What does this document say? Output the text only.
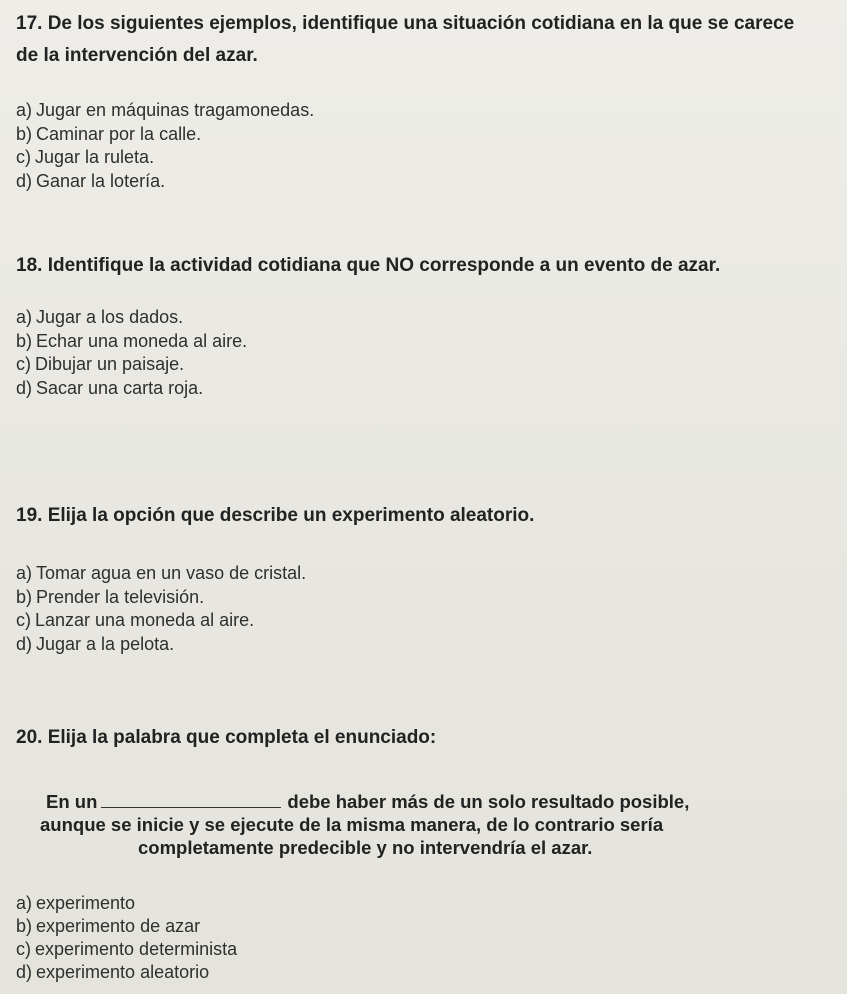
17. De los siguientes ejemplos, identifique una situación cotidiana en la que se carece de la intervención del azar.

a) Jugar en máquinas tragamonedas.
b) Caminar por la calle.
c) Jugar la ruleta.
d) Ganar la lotería.

18. Identifique la actividad cotidiana que NO corresponde a un evento de azar.

a) Jugar a los dados.
b) Echar una moneda al aire.
c) Dibujar un paisaje.
d) Sacar una carta roja.

19. Elija la opción que describe un experimento aleatorio.

a) Tomar agua en un vaso de cristal.
b) Prender la televisión.
c) Lanzar una moneda al aire.
d) Jugar a la pelota.

20. Elija la palabra que completa el enunciado:

En un	debe haber más de un solo resultado posible,
aunque se inicie y se ejecute de la misma manera, de lo contrario sería
completamente predecible y no intervendría el azar.

a) experimento
b) experimento de azar
c) experimento determinista
d) experimento aleatorio
